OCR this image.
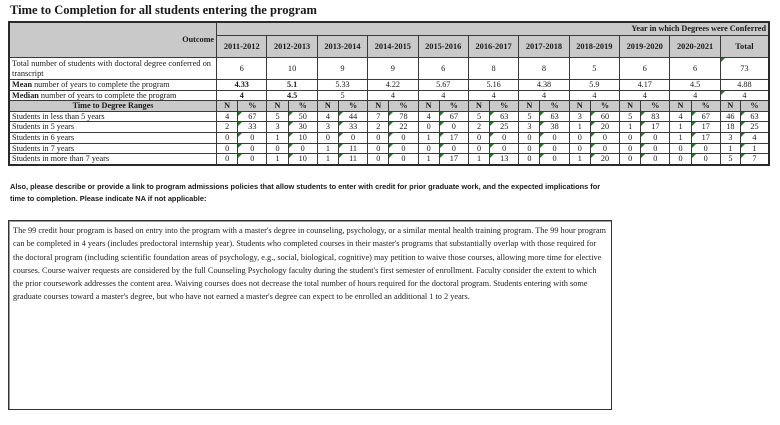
Time to Completion for all students entering the program
Outcome	Year in which Degrees were Conferred																					
	2011-2012		2012-2013		2013-2014		2014-2015		2015-2016		2016-2017		2017-2018		2018-2019		2019-2020		2020-2021		Total	
Total number of students with doctoral degree conferred on transcript	6		10		9		9		6		8		8		5		6		6		73	
Mean number of years to complete the program	4.33		5.1		5.33		4.22		5.67		5.16		4.38		5.9		4.17		4.5		4.88	
Median number of years to complete the program	4		4.5		5		4		4		4		4		4		4		4		4	
Time to Degree Ranges	N	%	N	%	N	%	N	%	N	%	N	%	N	%	N	%	N	%	N	%	N	%
Students in less than 5 years	4	67	5	50	4	44	7	78	4	67	5	63	5	63	3	60	5	83	4	67	46	63
Students in 5 years	2	33	3	30	3	33	2	22	0	0	2	25	3	38	1	20	1	17	1	17	18	25
Students in 6 years	0	0	1	10	0	0	0	0	1	17	0	0	0	0	0	0	0	0	1	17	3	4
Students in 7 years	0	0	0	0	1	11	0	0	0	0	0	0	0	0	0	0	0	0	0	0	1	1
Students in more than 7 years	0	0	1	10	1	11	0	0	1	17	1	13	0	0	1	20	0	0	0	0	5	7
Also, please describe or provide a link to program admissions policies that allow students to enter with credit for prior graduate work, and the expected implications for time to completion. Please indicate NA if not applicable:
The 99 credit hour program is based on entry into the program with a master's degree in counseling, psychology, or a similar mental health training program. The 99 hour program can be completed in 4 years (includes predoctoral internship year). Students who completed courses in their master's programs that substantially overlap with those required for the doctoral program (including scientific foundation areas of psychology, e.g., social, biological, cognitive) may petition to waive those courses, allowing more time for elective courses. Course waiver requests are considered by the full Counseling Psychology faculty during the student's first semester of enrollment. Faculty consider the extent to which the prior coursework addresses the content area. Waiving courses does not decrease the total number of hours required for the doctoral program. Students entering with some graduate courses toward a master's degree, but who have not earned a master's degree can expect to be enrolled an additional 1 to 2 years.
